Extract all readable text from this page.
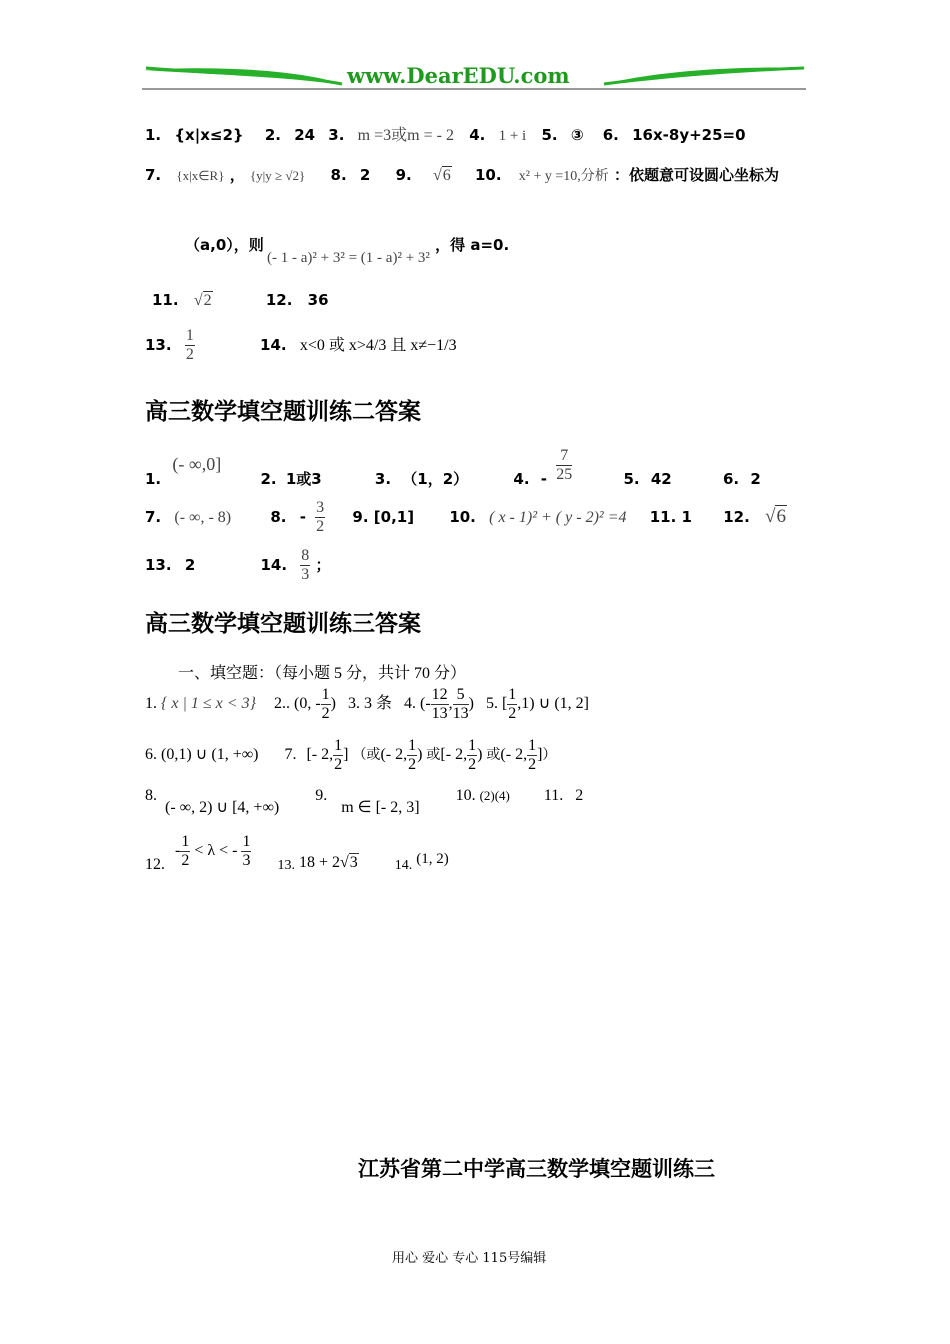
www.DearEDU.com
1. {x|x≤2} 2. 24 3. m =3或m = - 2 4. 1 + i 5. ③ 6. 16x-8y+25=0
7. {x|x∈R} ， {y|y ≥ √2} 8. 2 9. √6 10. x² + y =10,分析 ：依题意可设圆心坐标为
（a,0），则 (- 1 - a)² + 3² = (1 - a)² + 3² ，得 a=0.
11. √2	12. 36
13. $\frac{1}{2}$	14. x<0 或 x>4/3 且 x≠−1/3
高三数学填空题训练二答案
1. (- ∞,0] 2. 1或3	3. （1，2）	4. - $\frac{7}{25}$	5. 42	6. 2
7. (- ∞, - 8)	8. - $\frac{3}{2} 9$. [0,1] 10. ( x - 1)² + ( y - 2)² =4 11. 1 12. √6
13. 2	14. $\frac{8}{3}$ ；
高三数学填空题训练三答案
一、填空题：（每小题 5 分，共计 70 分）
1. { x | 1 ≤ x < 3} 2.. (0, - $\frac{1}{2}$ ) 3. 3 条 4. (- $\frac{12}{13}$ , $\frac{5}{13}$ ) 5. [ $\frac{1}{2} ,1$) ∪ (1, 2]
6. (0,1) ∪ (1, +∞) 7. [- 2, $\frac{1}{2}$ ] （或(- 2, $\frac{1}{2}$ ) 或[- 2, $\frac{1}{2}$ ) 或(- 2, $\frac{1}{2}$ ]）
8. (- ∞, 2) ∪ [4, +∞) 9. m ∈ [- 2, 3] 10. (2)(4) 11. 2
12. - $\frac{1}{2} < \lambda$ < - $\frac{1}{3} 13$. 18 + 2√3	14. (1, 2)
江苏省第二中学高三数学填空题训练三
用心 爱心 专心 115号编辑
